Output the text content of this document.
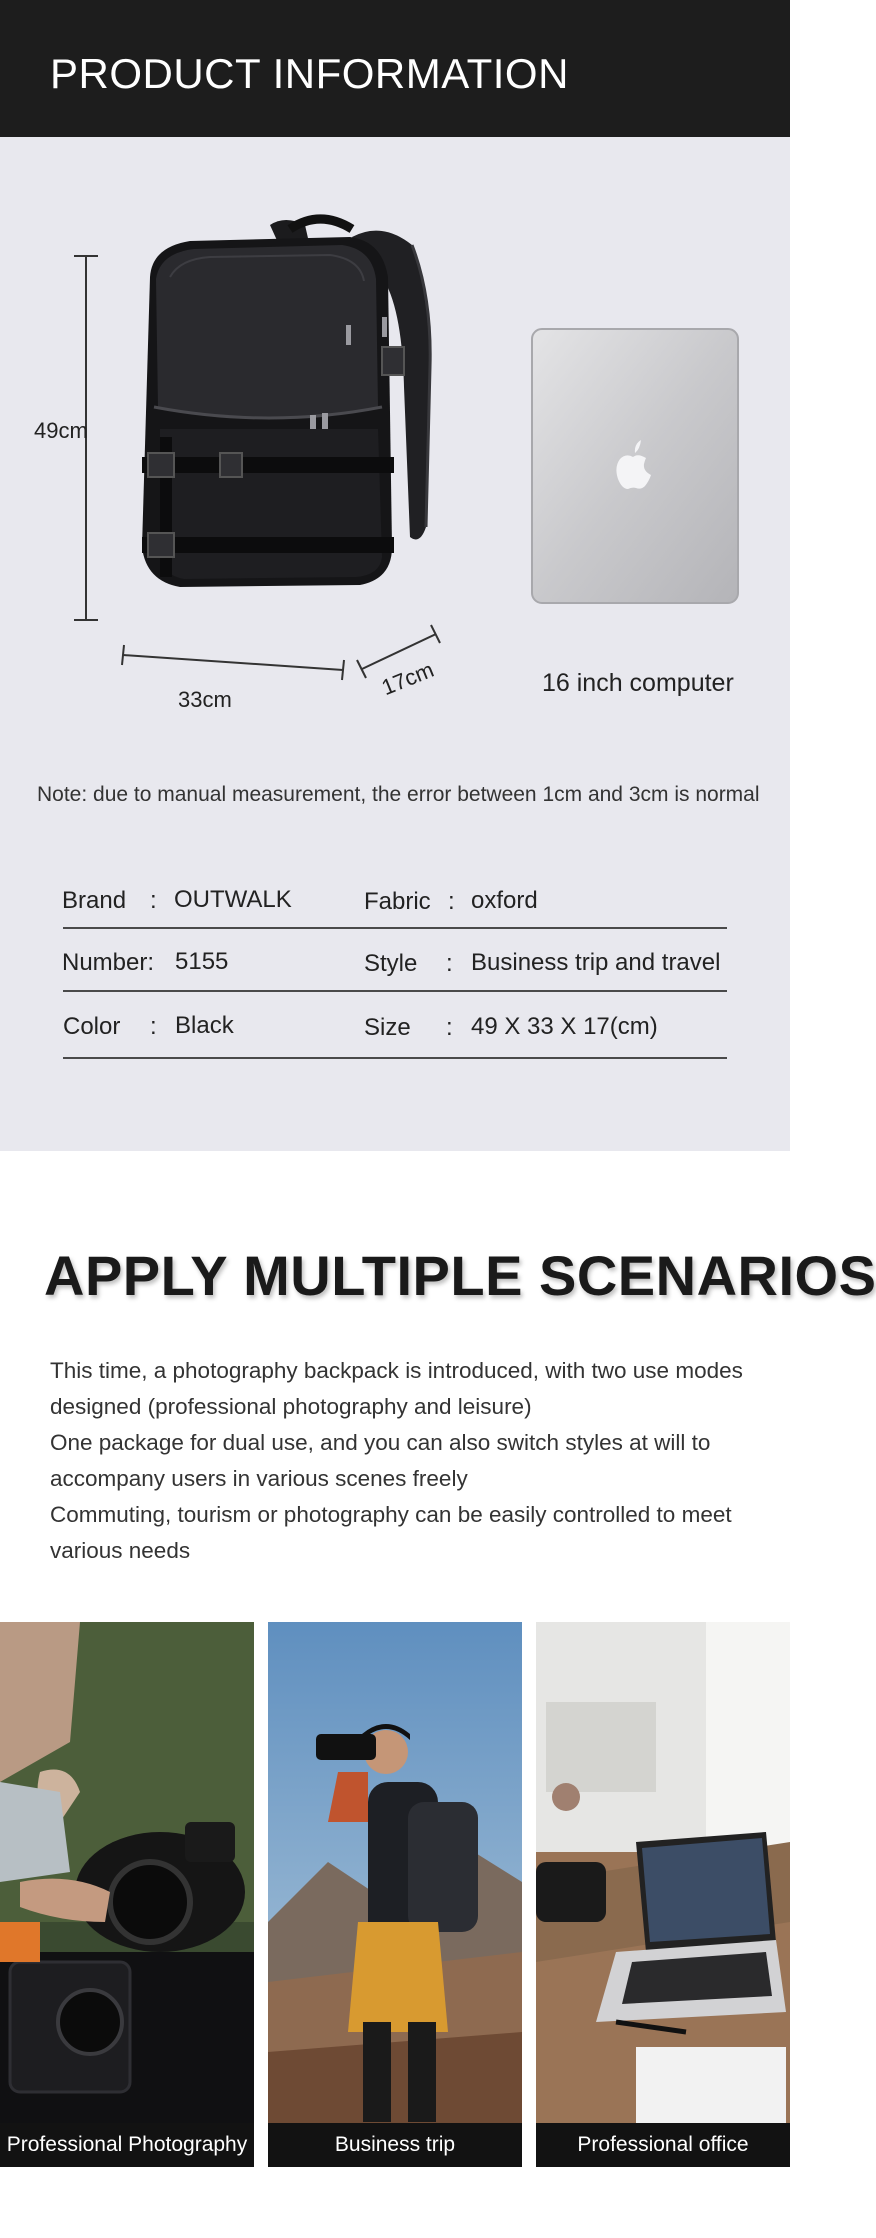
PRODUCT INFORMATION
49cm
33cm	17cm	16 inch computer
Note: due to manual measurement, the error between 1cm and 3cm is normal
Brand : OUTWALK	Fabric : oxford
Number: 5155	Style : Business trip and travel
Color : Black	Size : 49 X 33 X 17(cm)
APPLY MULTIPLE SCENARIOS

This time, a photography backpack is introduced, with two use modes designed (professional photography and leisure)

One package for dual use, and you can also switch styles at will to accompany users in various scenes freely

Commuting, tourism or photography can be easily controlled to meet various needs

Professional Photography	Business trip	Professional office
